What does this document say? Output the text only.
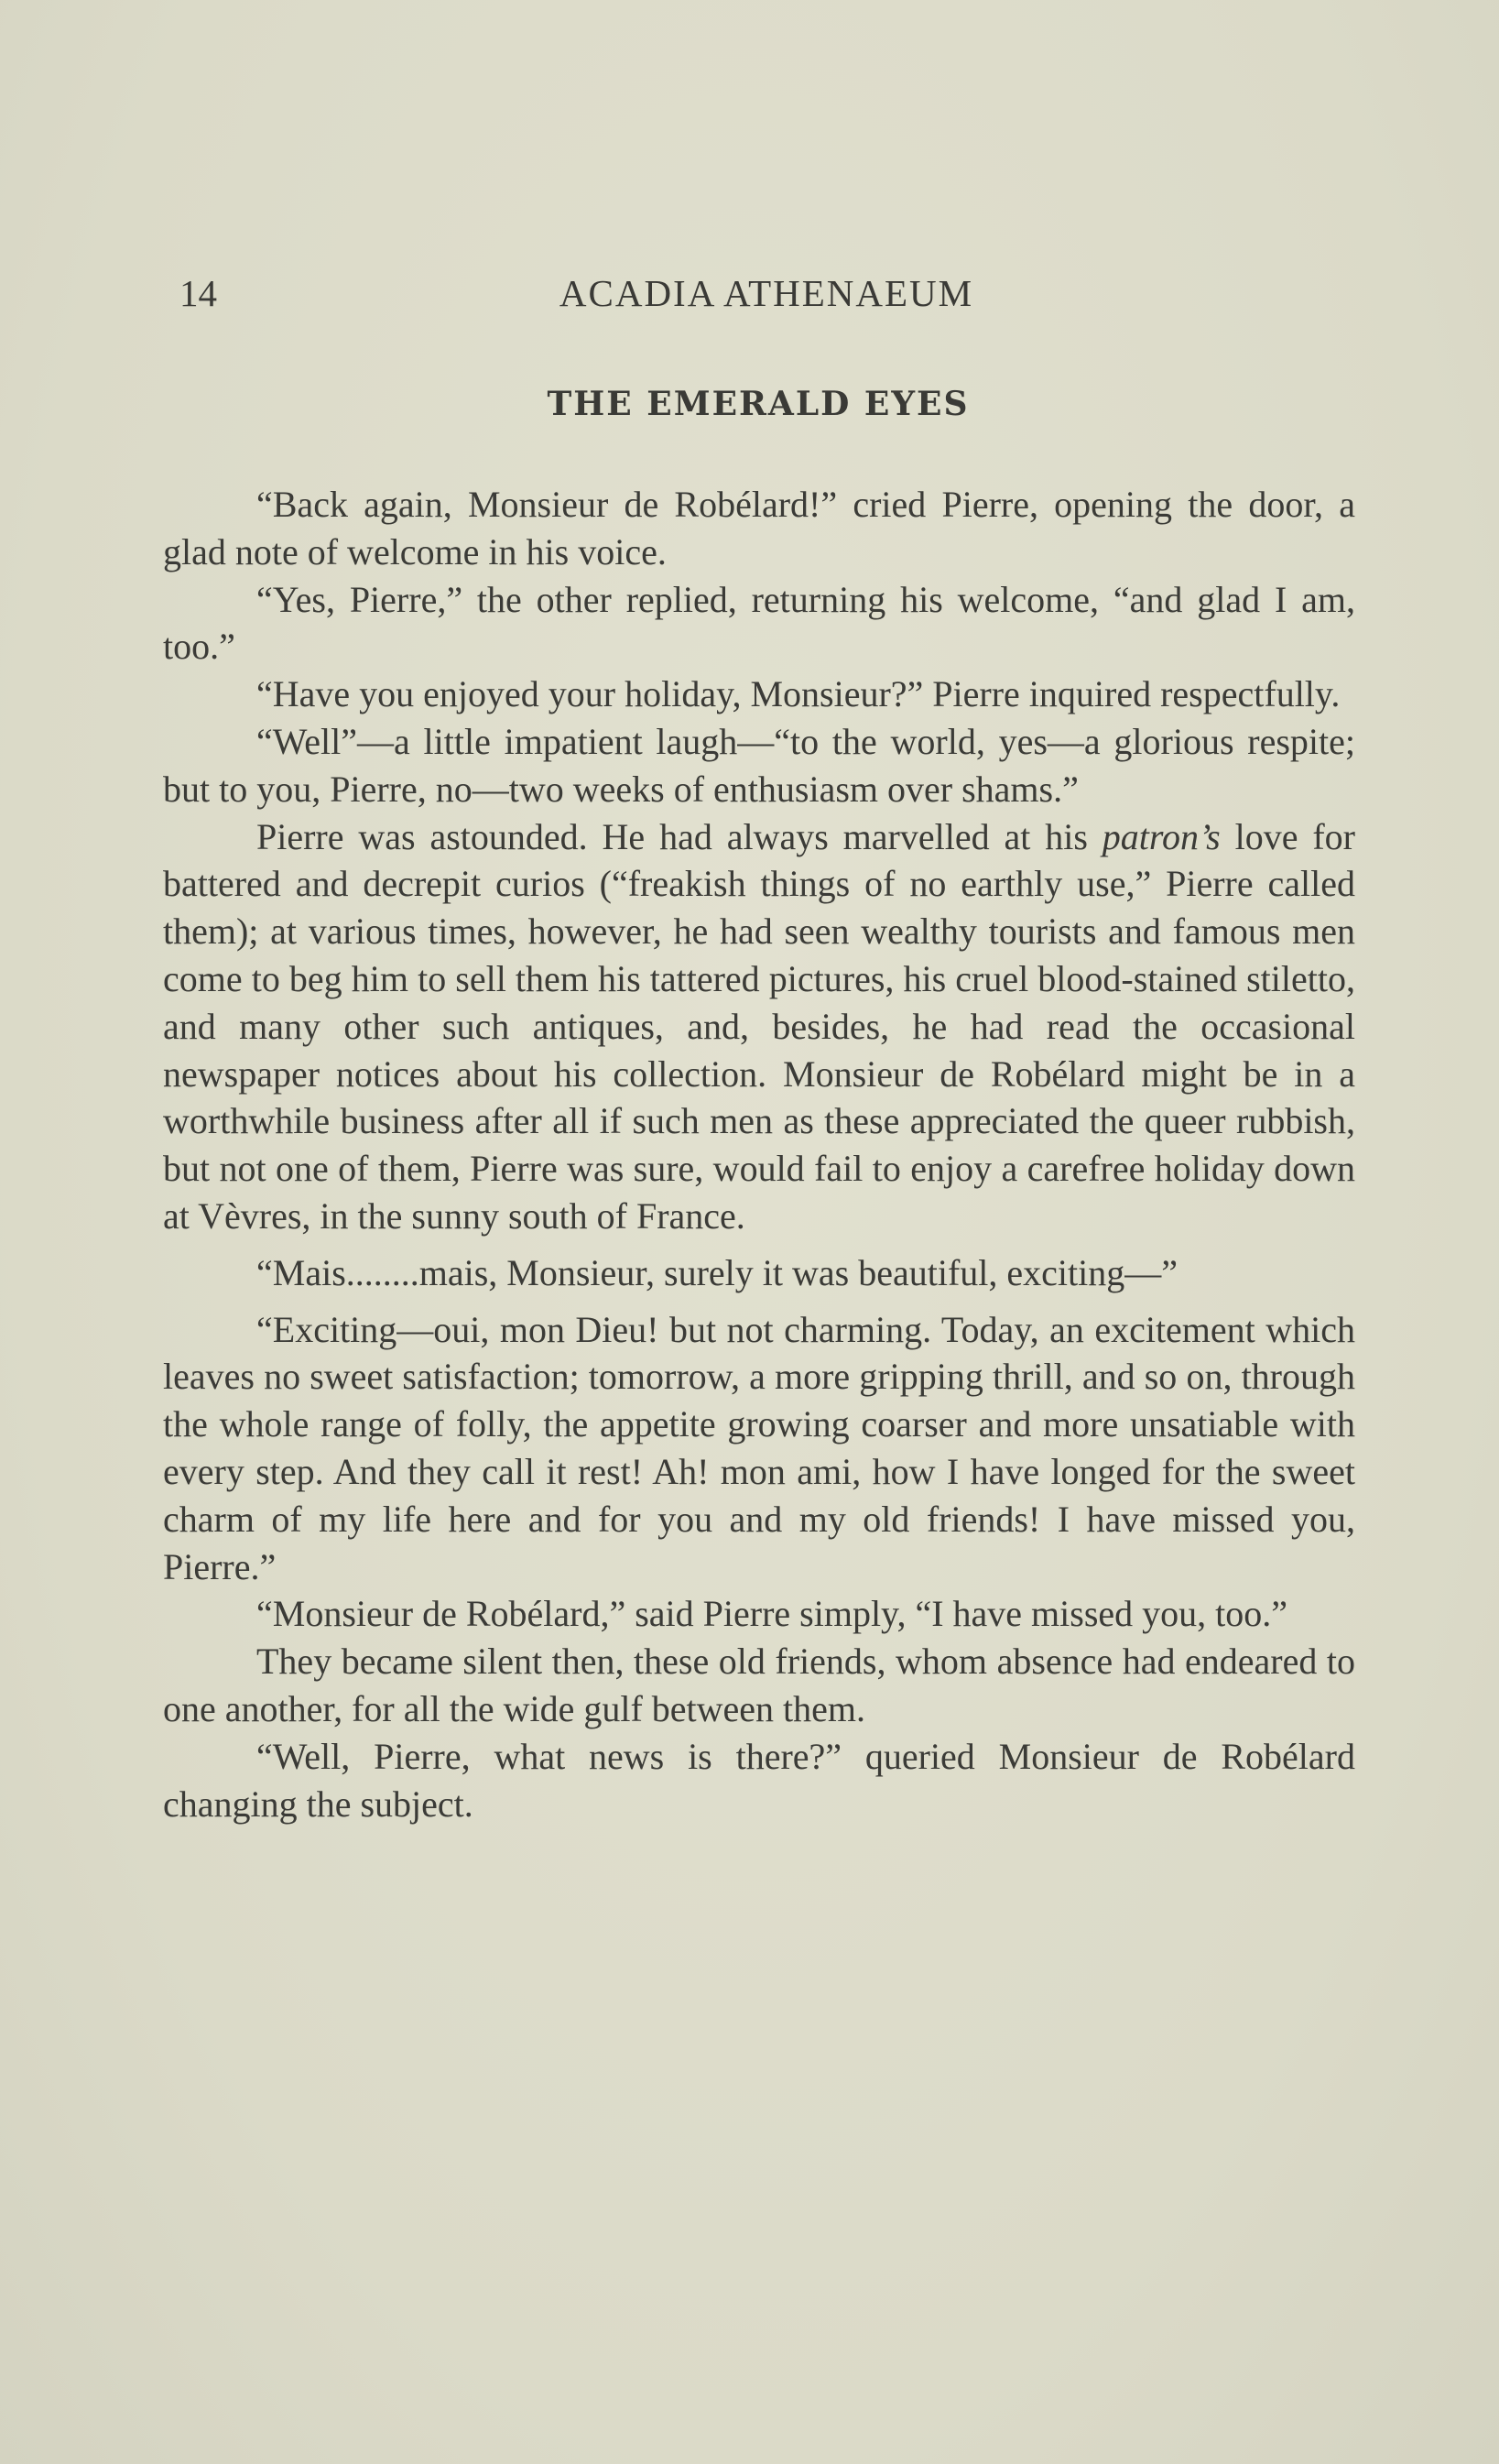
14	ACADIA ATHENAEUM
THE EMERALD EYES

“Back again, Monsieur de Robélard!” cried Pierre, opening the door, a glad note of welcome in his voice.

“Yes, Pierre,” the other replied, returning his welcome, “and glad I am, too.”

“Have you enjoyed your holiday, Monsieur?” Pierre inquired respectfully.

“Well”—a little impatient laugh—“to the world, yes—a glorious respite; but to you, Pierre, no—two weeks of enthusiasm over shams.”

Pierre was astounded. He had always marvelled at his patron’s love for battered and decrepit curios (“freakish things of no earthly use,” Pierre called them); at various times, however, he had seen wealthy tourists and famous men come to beg him to sell them his tattered pictures, his cruel blood-stained stiletto, and many other such antiques, and, besides, he had read the occasional newspaper notices about his collection. Monsieur de Robélard might be in a worthwhile business after all if such men as these appreciated the queer rubbish, but not one of them, Pierre was sure, would fail to enjoy a carefree holiday down at Vèvres, in the sunny south of France.

“Mais........mais, Monsieur, surely it was beautiful, exciting—”

“Exciting—oui, mon Dieu! but not charming. Today, an excitement which leaves no sweet satisfaction; tomorrow, a more gripping thrill, and so on, through the whole range of folly, the appetite growing coarser and more unsatiable with every step. And they call it rest! Ah! mon ami, how I have longed for the sweet charm of my life here and for you and my old friends! I have missed you, Pierre.”

“Monsieur de Robélard,” said Pierre simply, “I have missed you, too.”

They became silent then, these old friends, whom absence had endeared to one another, for all the wide gulf between them.

“Well, Pierre, what news is there?” queried Monsieur de Robélard changing the subject.
